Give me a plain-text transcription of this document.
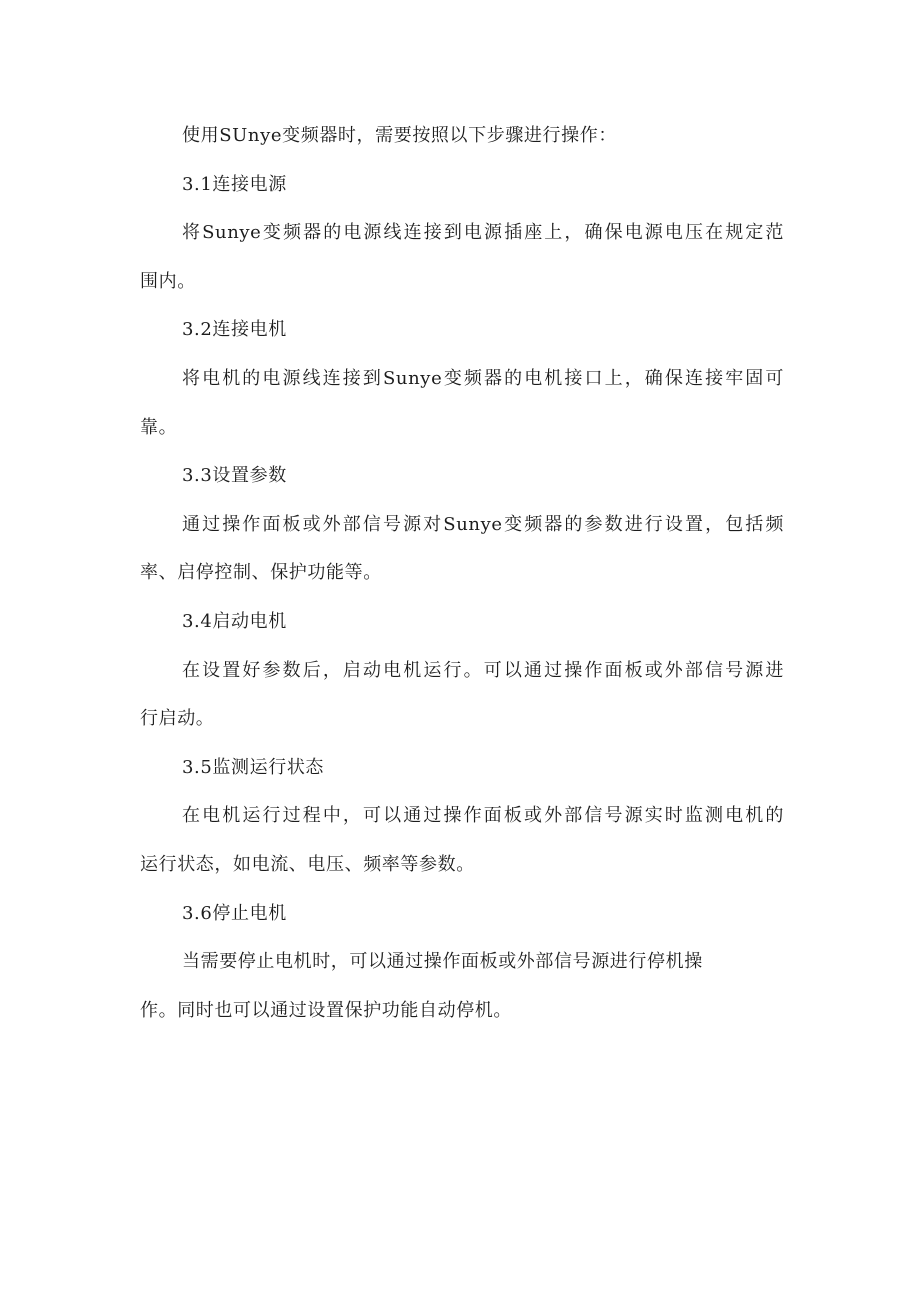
使用SUnye变频器时，需要按照以下步骤进行操作：
3.1连接电源
将Sunye变频器的电源线连接到电源插座上，确保电源电压在规定范
围内。
3.2连接电机
将电机的电源线连接到Sunye变频器的电机接口上，确保连接牢固可
靠。
3.3设置参数
通过操作面板或外部信号源对Sunye变频器的参数进行设置，包括频
率、启停控制、保护功能等。
3.4启动电机
在设置好参数后，启动电机运行。可以通过操作面板或外部信号源进
行启动。
3.5监测运行状态
在电机运行过程中，可以通过操作面板或外部信号源实时监测电机的
运行状态，如电流、电压、频率等参数。
3.6停止电机
当需要停止电机时，可以通过操作面板或外部信号源进行停机操
作。同时也可以通过设置保护功能自动停机。
